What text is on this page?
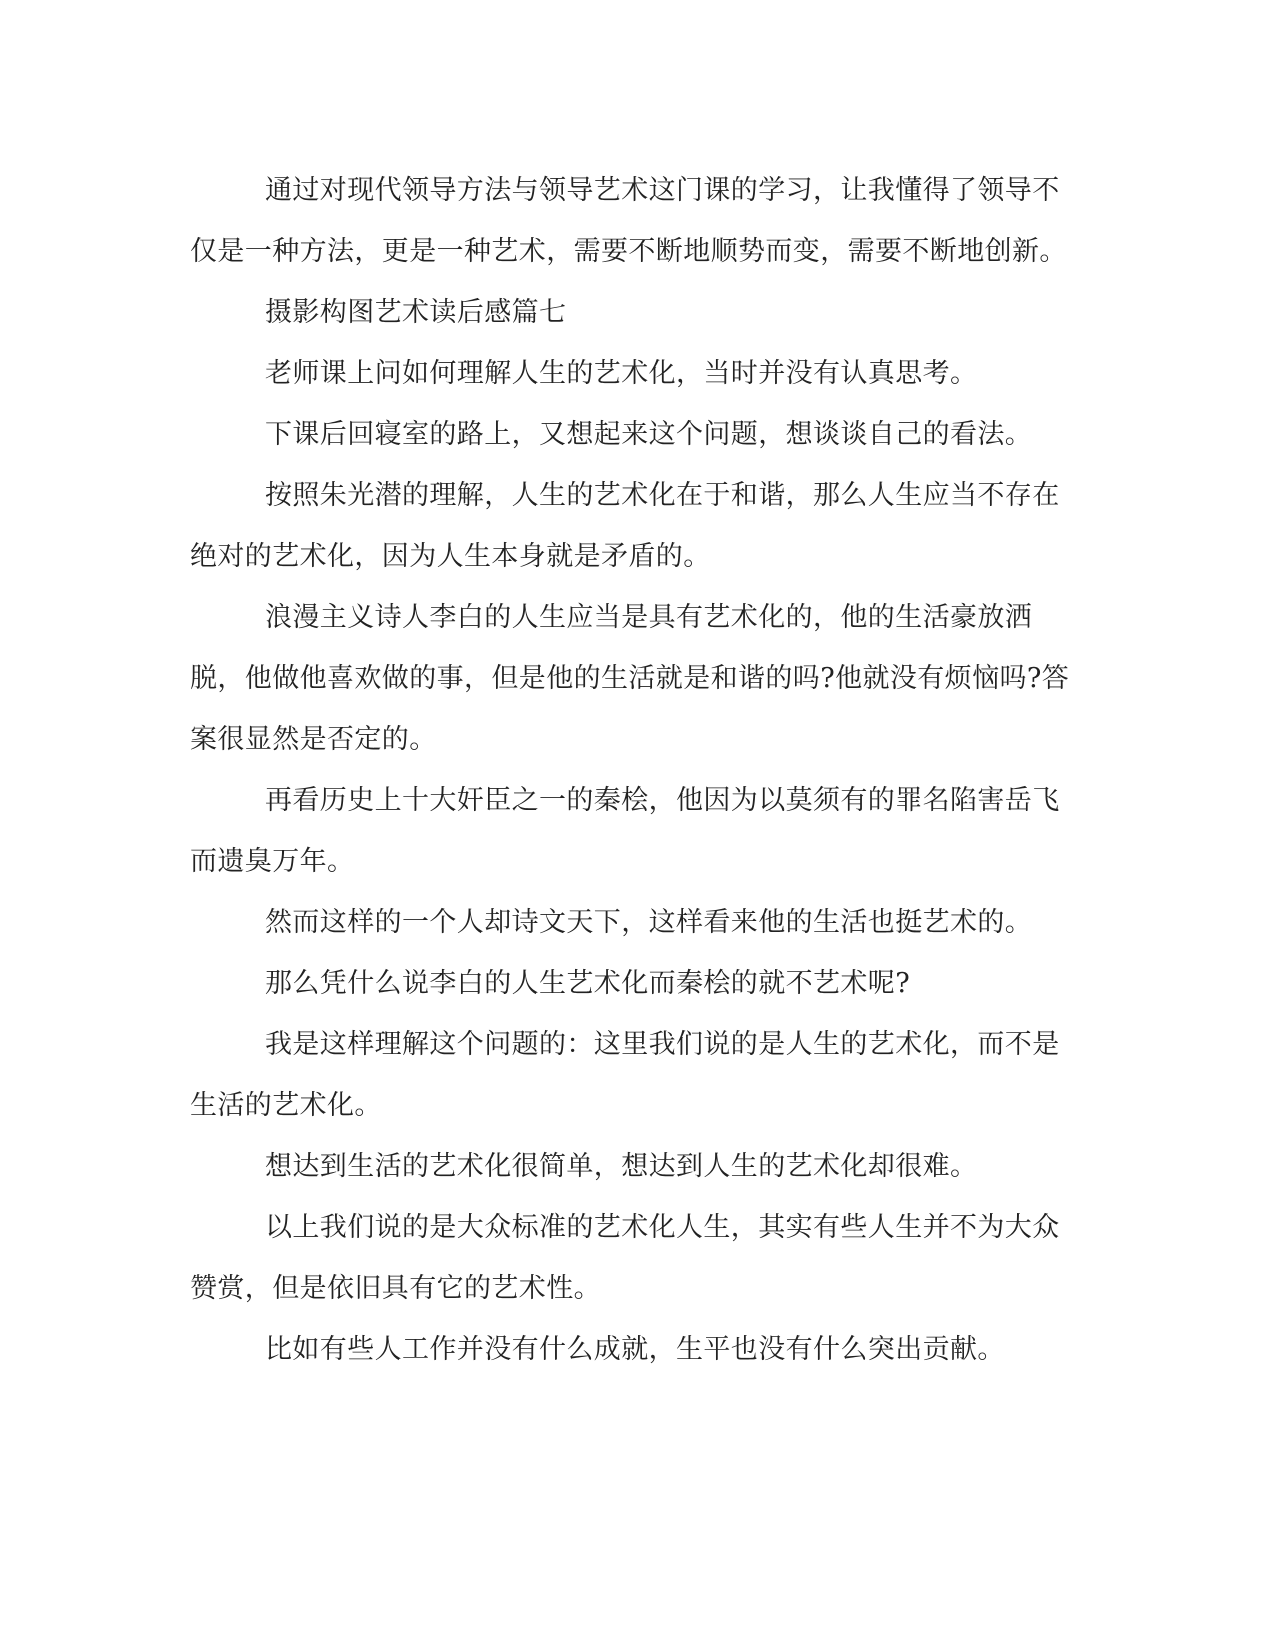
通过对现代领导方法与领导艺术这门课的学习，让我懂得了领导不仅是一种方法，更是一种艺术，需要不断地顺势而变，需要不断地创新。

摄影构图艺术读后感篇七

老师课上问如何理解人生的艺术化，当时并没有认真思考。

下课后回寝室的路上，又想起来这个问题，想谈谈自己的看法。

按照朱光潜的理解，人生的艺术化在于和谐，那么人生应当不存在绝对的艺术化，因为人生本身就是矛盾的。

浪漫主义诗人李白的人生应当是具有艺术化的，他的生活豪放洒脱，他做他喜欢做的事，但是他的生活就是和谐的吗?他就没有烦恼吗?答案很显然是否定的。

再看历史上十大奸臣之一的秦桧，他因为以莫须有的罪名陷害岳飞而遗臭万年。

然而这样的一个人却诗文天下，这样看来他的生活也挺艺术的。

那么凭什么说李白的人生艺术化而秦桧的就不艺术呢?

我是这样理解这个问题的：这里我们说的是人生的艺术化，而不是生活的艺术化。

想达到生活的艺术化很简单，想达到人生的艺术化却很难。

以上我们说的是大众标准的艺术化人生，其实有些人生并不为大众赞赏，但是依旧具有它的艺术性。

比如有些人工作并没有什么成就，生平也没有什么突出贡献。
